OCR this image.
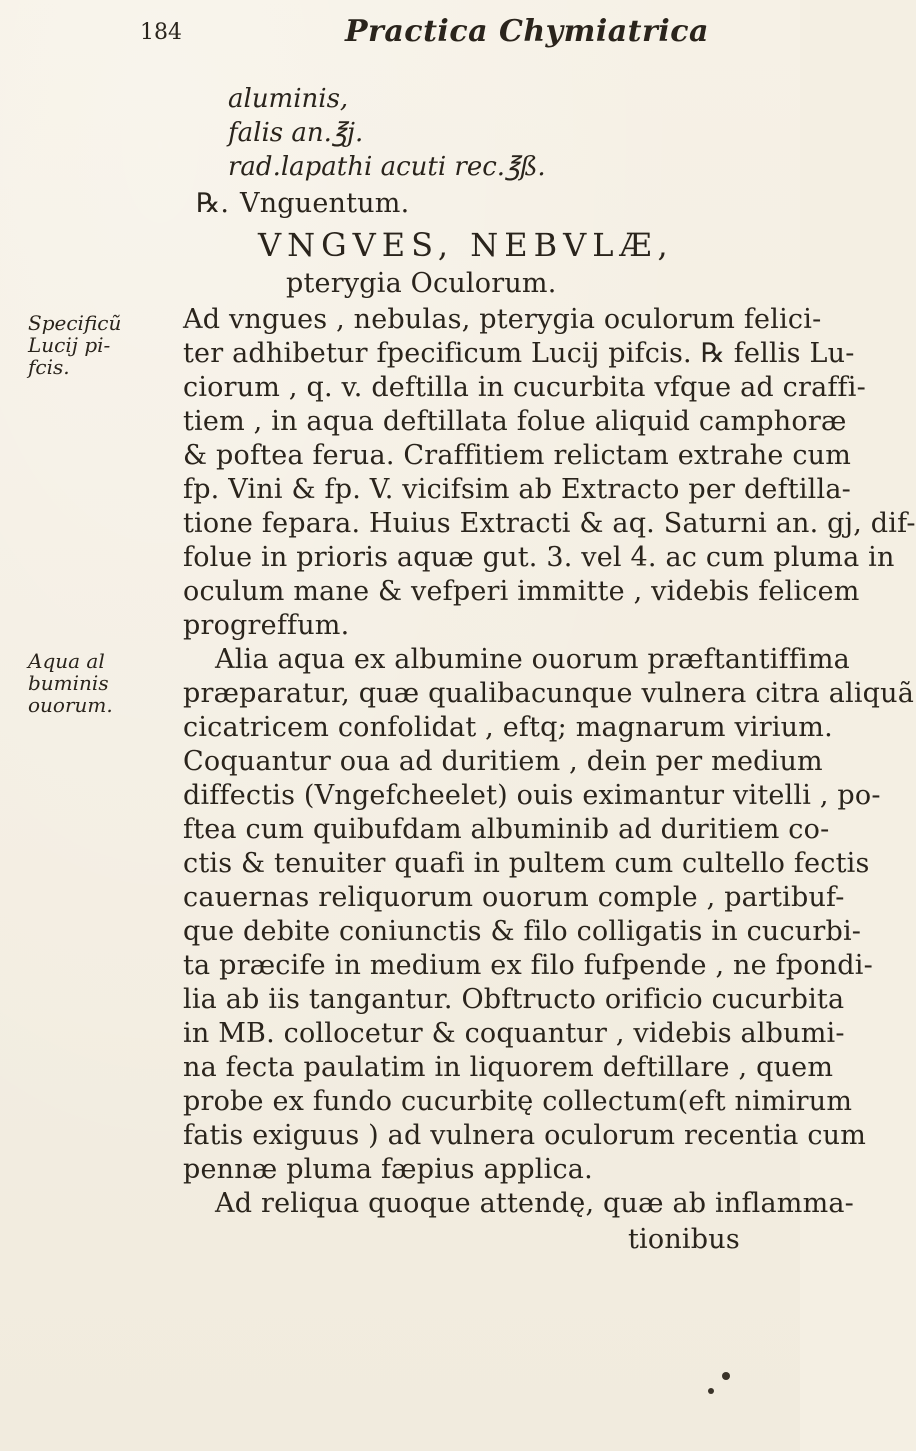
184	Practica Chymiatrica
aluminis,
falis an.℥j.
rad.lapathi acuti rec.℥ß.
℞. Vnguentum.
VNGVES, NEBVLÆ,
pterygia Oculorum.
Specificũ
Lucij pi-
fcis.
Ad vngues , nebulas, pterygia oculorum felici-
ter adhibetur fpecificum Lucij pifcis. ℞ fellis Lu-
ciorum , q. v. deftilla in cucurbita vfque ad craffi-
tiem , in aqua deftillata folue aliquid camphoræ
& poftea ferua. Craffitiem relictam extrahe cum
fp. Vini & fp. V. vicifsim ab Extracto per deftilla-
tione fepara. Huius Extracti & aq. Saturni an. gj, dif-
folue in prioris aquæ gut. 3. vel 4. ac cum pluma in
oculum mane & vefperi immitte , videbis felicem
progreffum.
Aqua al
buminis
ouorum.
Alia aqua ex albumine ouorum præftantiffima
præparatur, quæ qualibacunque vulnera citra aliquã
cicatricem confolidat , eftq; magnarum virium.
Coquantur oua ad duritiem , dein per medium
diffectis (Vngefcheelet) ouis eximantur vitelli , po-
ftea cum quibufdam albuminib ad duritiem co-
ctis & tenuiter quafi in pultem cum cultello fectis
cauernas reliquorum ouorum comple , partibuf-
que debite coniunctis & filo colligatis in cucurbi-
ta præcife in medium ex filo fufpende , ne fpondi-
lia ab iis tangantur. Obftructo orificio cucurbita
in MB. collocetur & coquantur , videbis albumi-
na fecta paulatim in liquorem deftillare , quem
probe ex fundo cucurbitę collectum(eft nimirum
fatis exiguus ) ad vulnera oculorum recentia cum
pennæ pluma fæpius applica.
Ad reliqua quoque attendę, quæ ab inflamma-
tionibus
